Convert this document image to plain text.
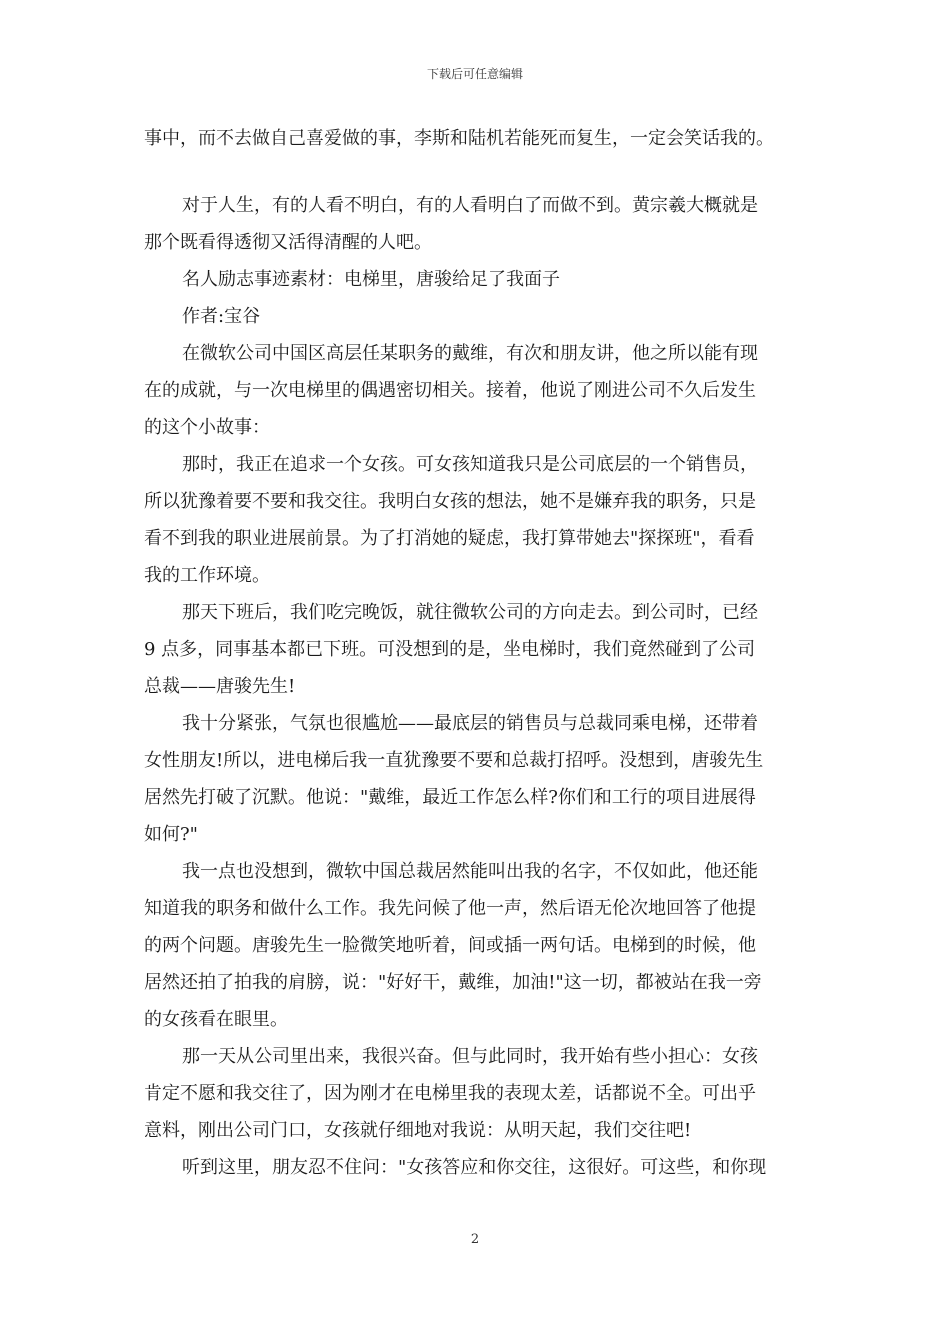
下载后可任意编辑
事中，而不去做自己喜爱做的事，李斯和陆机若能死而复生，一定会笑话我的。
对于人生，有的人看不明白，有的人看明白了而做不到。黄宗羲大概就是
那个既看得透彻又活得清醒的人吧。
名人励志事迹素材：电梯里，唐骏给足了我面子
作者:宝谷
在微软公司中国区高层任某职务的戴维，有次和朋友讲，他之所以能有现
在的成就，与一次电梯里的偶遇密切相关。接着，他说了刚进公司不久后发生
的这个小故事：
那时，我正在追求一个女孩。可女孩知道我只是公司底层的一个销售员，
所以犹豫着要不要和我交往。我明白女孩的想法，她不是嫌弃我的职务，只是
看不到我的职业进展前景。为了打消她的疑虑，我打算带她去"探探班"，看看
我的工作环境。
那天下班后，我们吃完晚饭，就往微软公司的方向走去。到公司时，已经
9 点多，同事基本都已下班。可没想到的是，坐电梯时，我们竟然碰到了公司
总裁——唐骏先生!
我十分紧张，气氛也很尴尬——最底层的销售员与总裁同乘电梯，还带着
女性朋友!所以，进电梯后我一直犹豫要不要和总裁打招呼。没想到，唐骏先生
居然先打破了沉默。他说："戴维，最近工作怎么样?你们和工行的项目进展得
如何?"
我一点也没想到，微软中国总裁居然能叫出我的名字，不仅如此，他还能
知道我的职务和做什么工作。我先问候了他一声，然后语无伦次地回答了他提
的两个问题。唐骏先生一脸微笑地听着，间或插一两句话。电梯到的时候，他
居然还拍了拍我的肩膀，说："好好干，戴维，加油!"这一切，都被站在我一旁
的女孩看在眼里。
那一天从公司里出来，我很兴奋。但与此同时，我开始有些小担心：女孩
肯定不愿和我交往了，因为刚才在电梯里我的表现太差，话都说不全。可出乎
意料，刚出公司门口，女孩就仔细地对我说：从明天起，我们交往吧!
听到这里，朋友忍不住问："女孩答应和你交往，这很好。可这些，和你现
2
